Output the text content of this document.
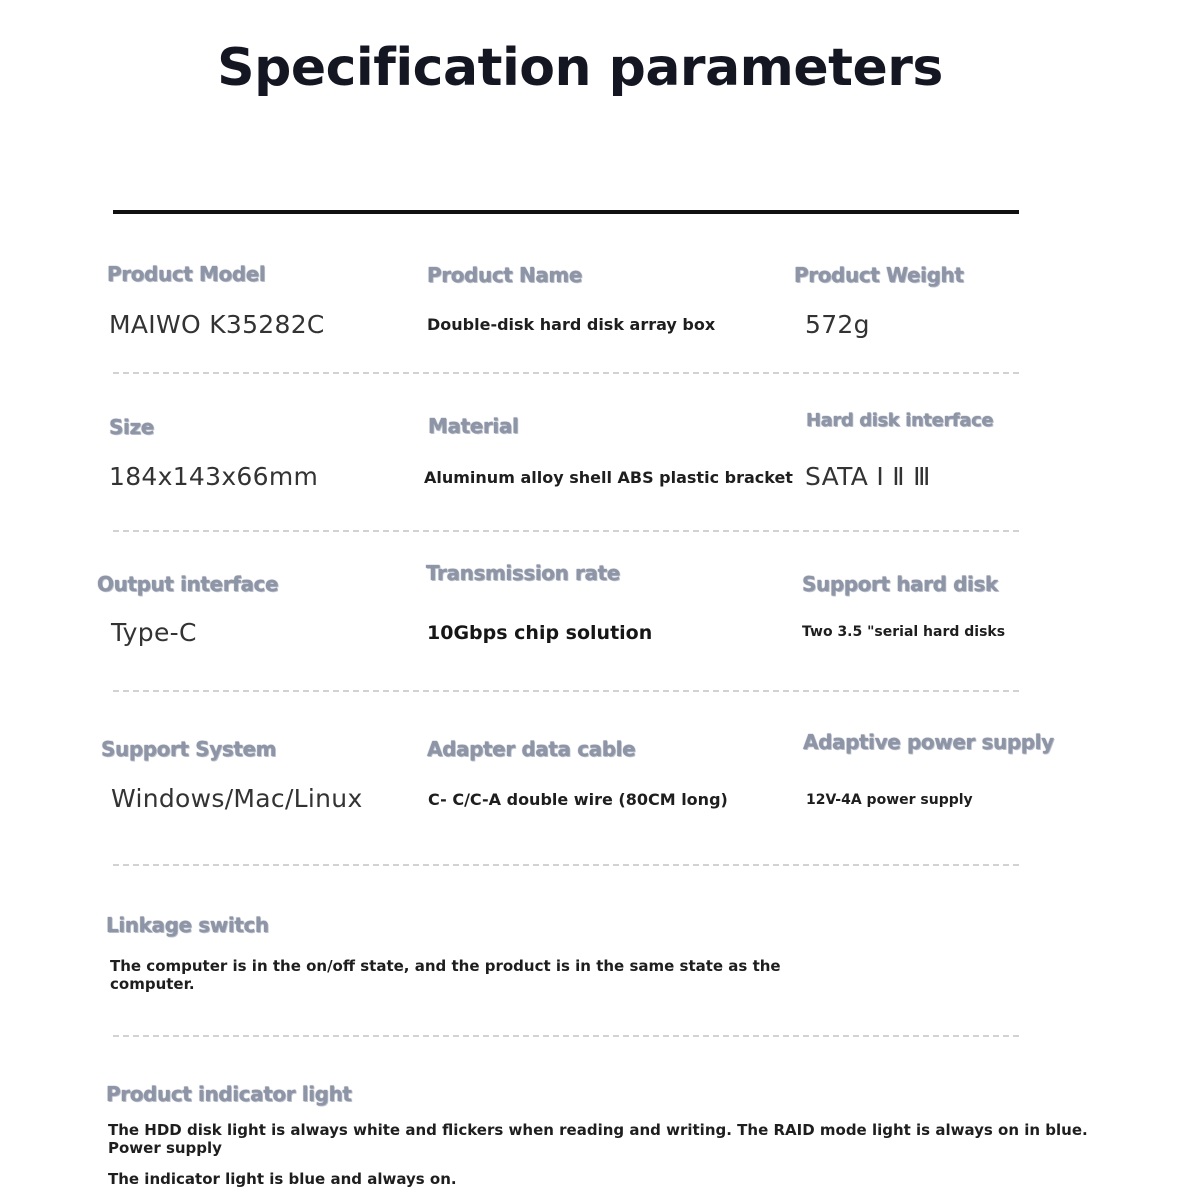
Specification parameters
Product Model
MAIWO K35282C
Product Name
Double-disk hard disk array box
Product Weight
572g
Size
184x143x66mm
Material
Aluminum alloy shell ABS plastic bracket
Hard disk interface
SATA Ⅰ Ⅱ Ⅲ
Output interface
Type-C
Transmission rate
10Gbps chip solution
Support hard disk
Two 3.5 "serial hard disks
Support System
Windows/Mac/Linux
Adapter data cable
C- C/C-A double wire (80CM long)
Adaptive power supply
12V-4A power supply
Linkage switch
The computer is in the on/off state, and the product is in the same state as the
computer.
Product indicator light
The HDD disk light is always white and flickers when reading and writing. The RAID mode light is always on in blue.
Power supply
The indicator light is blue and always on.
